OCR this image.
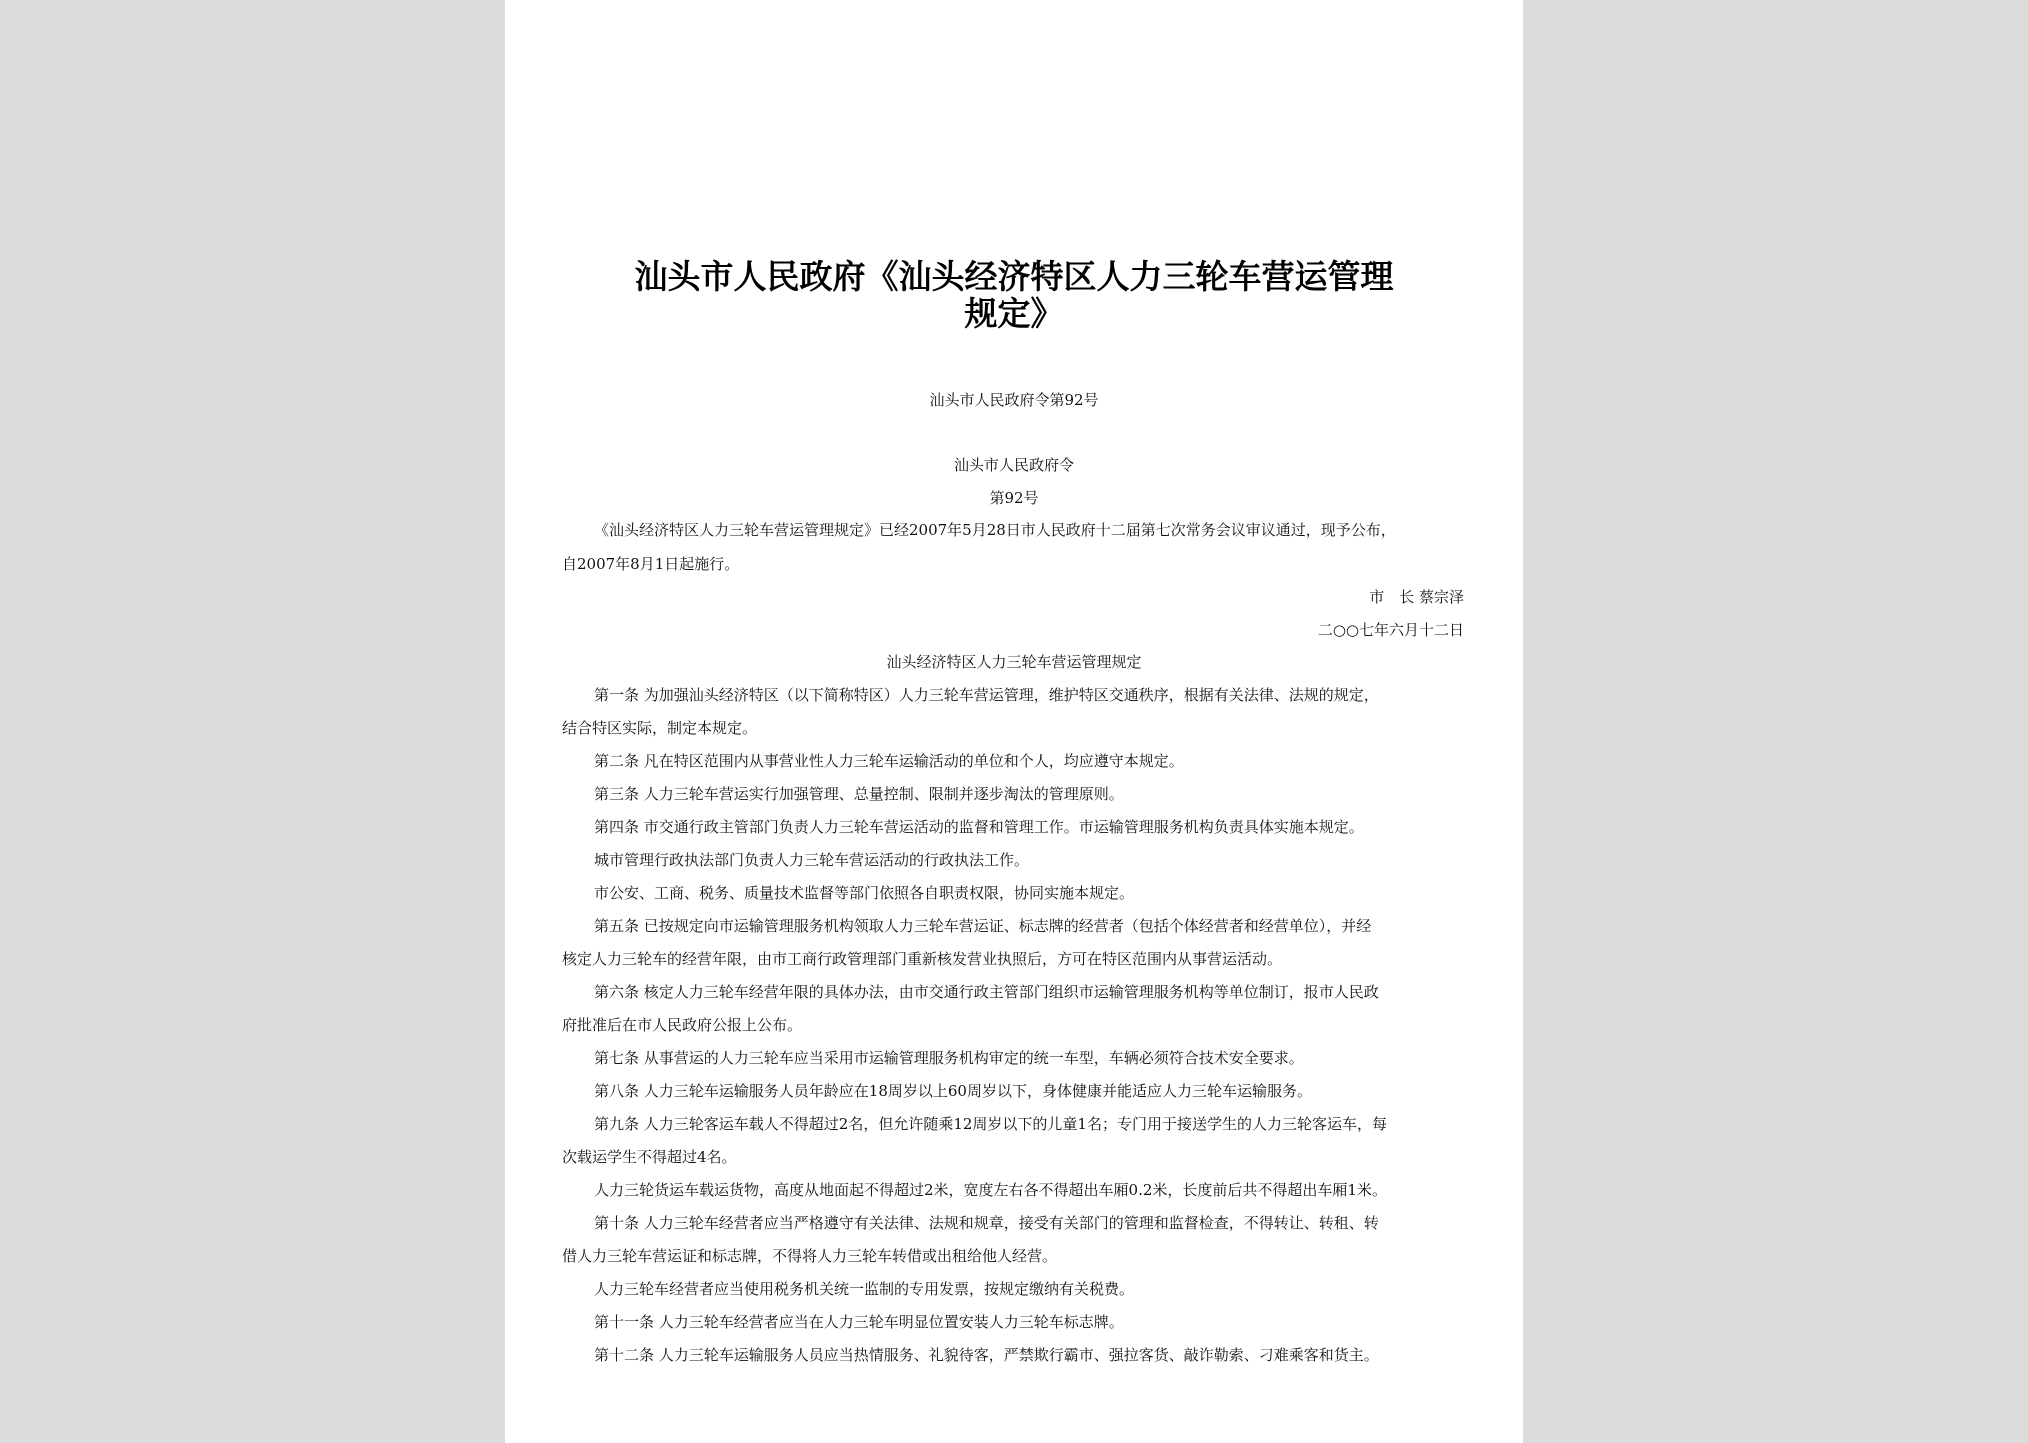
汕头市人民政府《汕头经济特区人力三轮车营运管理
规定》
汕头市人民政府令第92号
汕头市人民政府令
第92号
《汕头经济特区人力三轮车营运管理规定》已经2007年5月28日市人民政府十二届第七次常务会议审议通过，现予公布，
自2007年8月1日起施行。
市　长 蔡宗泽
二○○七年六月十二日
汕头经济特区人力三轮车营运管理规定
第一条 为加强汕头经济特区（以下简称特区）人力三轮车营运管理，维护特区交通秩序，根据有关法律、法规的规定，
结合特区实际，制定本规定。
第二条 凡在特区范围内从事营业性人力三轮车运输活动的单位和个人，均应遵守本规定。
第三条 人力三轮车营运实行加强管理、总量控制、限制并逐步淘汰的管理原则。
第四条 市交通行政主管部门负责人力三轮车营运活动的监督和管理工作。市运输管理服务机构负责具体实施本规定。
城市管理行政执法部门负责人力三轮车营运活动的行政执法工作。
市公安、工商、税务、质量技术监督等部门依照各自职责权限，协同实施本规定。
第五条 已按规定向市运输管理服务机构领取人力三轮车营运证、标志牌的经营者（包括个体经营者和经营单位），并经
核定人力三轮车的经营年限，由市工商行政管理部门重新核发营业执照后，方可在特区范围内从事营运活动。
第六条 核定人力三轮车经营年限的具体办法，由市交通行政主管部门组织市运输管理服务机构等单位制订，报市人民政
府批准后在市人民政府公报上公布。
第七条 从事营运的人力三轮车应当采用市运输管理服务机构审定的统一车型，车辆必须符合技术安全要求。
第八条 人力三轮车运输服务人员年龄应在18周岁以上60周岁以下，身体健康并能适应人力三轮车运输服务。
第九条 人力三轮客运车载人不得超过2名，但允许随乘12周岁以下的儿童1名；专门用于接送学生的人力三轮客运车，每
次载运学生不得超过4名。
人力三轮货运车载运货物，高度从地面起不得超过2米，宽度左右各不得超出车厢0.2米，长度前后共不得超出车厢1米。
第十条 人力三轮车经营者应当严格遵守有关法律、法规和规章，接受有关部门的管理和监督检查，不得转让、转租、转
借人力三轮车营运证和标志牌，不得将人力三轮车转借或出租给他人经营。
人力三轮车经营者应当使用税务机关统一监制的专用发票，按规定缴纳有关税费。
第十一条 人力三轮车经营者应当在人力三轮车明显位置安装人力三轮车标志牌。
第十二条 人力三轮车运输服务人员应当热情服务、礼貌待客，严禁欺行霸市、强拉客货、敲诈勒索、刁难乘客和货主。
